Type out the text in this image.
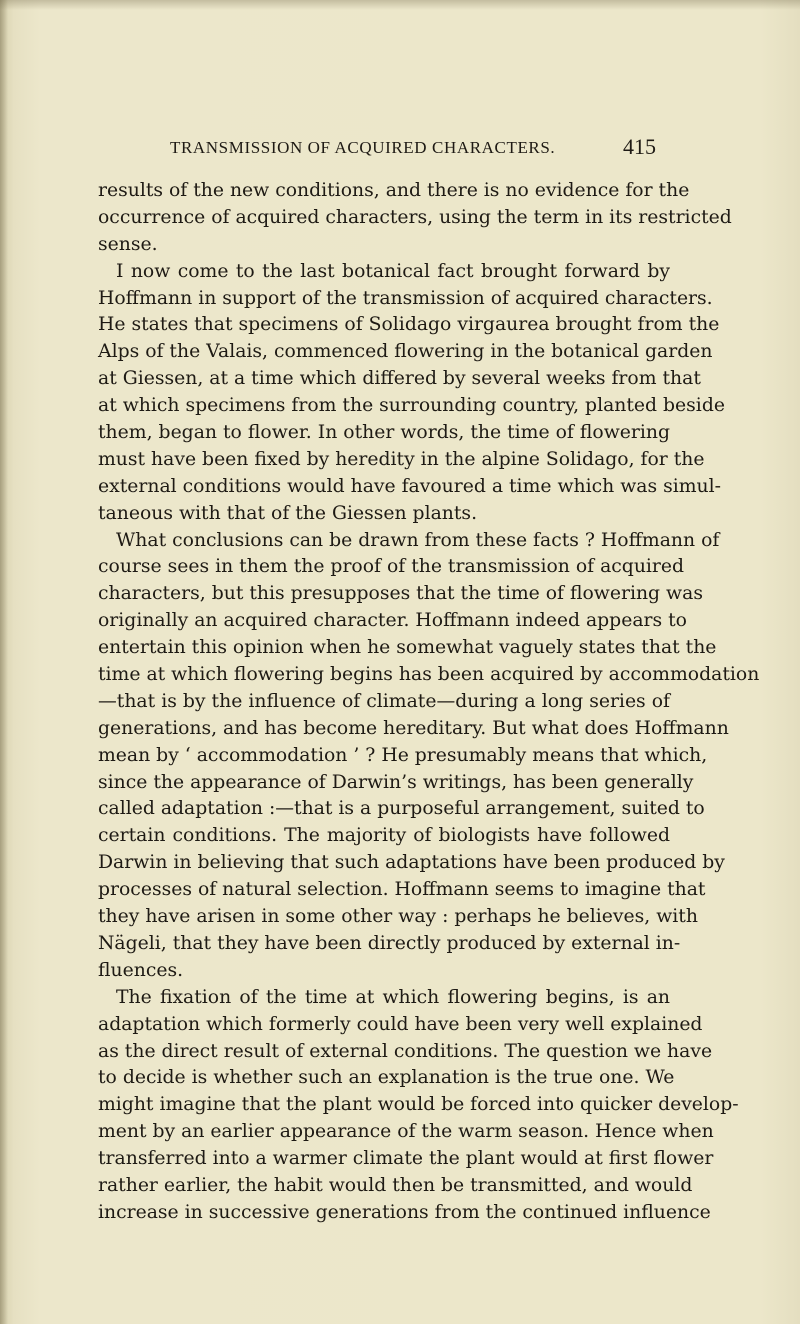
TRANSMISSION OF ACQUIRED CHARACTERS.	415
results of the new conditions, and there is no evidence for the
occurrence of acquired characters, using the term in its restricted
sense.
I now come to the last botanical fact brought forward by
Hoffmann in support of the transmission of acquired characters.
He states that specimens of Solidago virgaurea brought from the
Alps of the Valais, commenced flowering in the botanical garden
at Giessen, at a time which differed by several weeks from that
at which specimens from the surrounding country, planted beside
them, began to flower. In other words, the time of flowering
must have been fixed by heredity in the alpine Solidago, for the
external conditions would have favoured a time which was simul-
taneous with that of the Giessen plants.
What conclusions can be drawn from these facts ? Hoffmann of
course sees in them the proof of the transmission of acquired
characters, but this presupposes that the time of flowering was
originally an acquired character. Hoffmann indeed appears to
entertain this opinion when he somewhat vaguely states that the
time at which flowering begins has been acquired by accommodation
—that is by the influence of climate—during a long series of
generations, and has become hereditary. But what does Hoffmann
mean by ‘ accommodation ’ ? He presumably means that which,
since the appearance of Darwin’s writings, has been generally
called adaptation :—that is a purposeful arrangement, suited to
certain conditions. The majority of biologists have followed
Darwin in believing that such adaptations have been produced by
processes of natural selection. Hoffmann seems to imagine that
they have arisen in some other way : perhaps he believes, with
Nägeli, that they have been directly produced by external in-
fluences.
The fixation of the time at which flowering begins, is an
adaptation which formerly could have been very well explained
as the direct result of external conditions. The question we have
to decide is whether such an explanation is the true one. We
might imagine that the plant would be forced into quicker develop-
ment by an earlier appearance of the warm season. Hence when
transferred into a warmer climate the plant would at first flower
rather earlier, the habit would then be transmitted, and would
increase in successive generations from the continued influence
